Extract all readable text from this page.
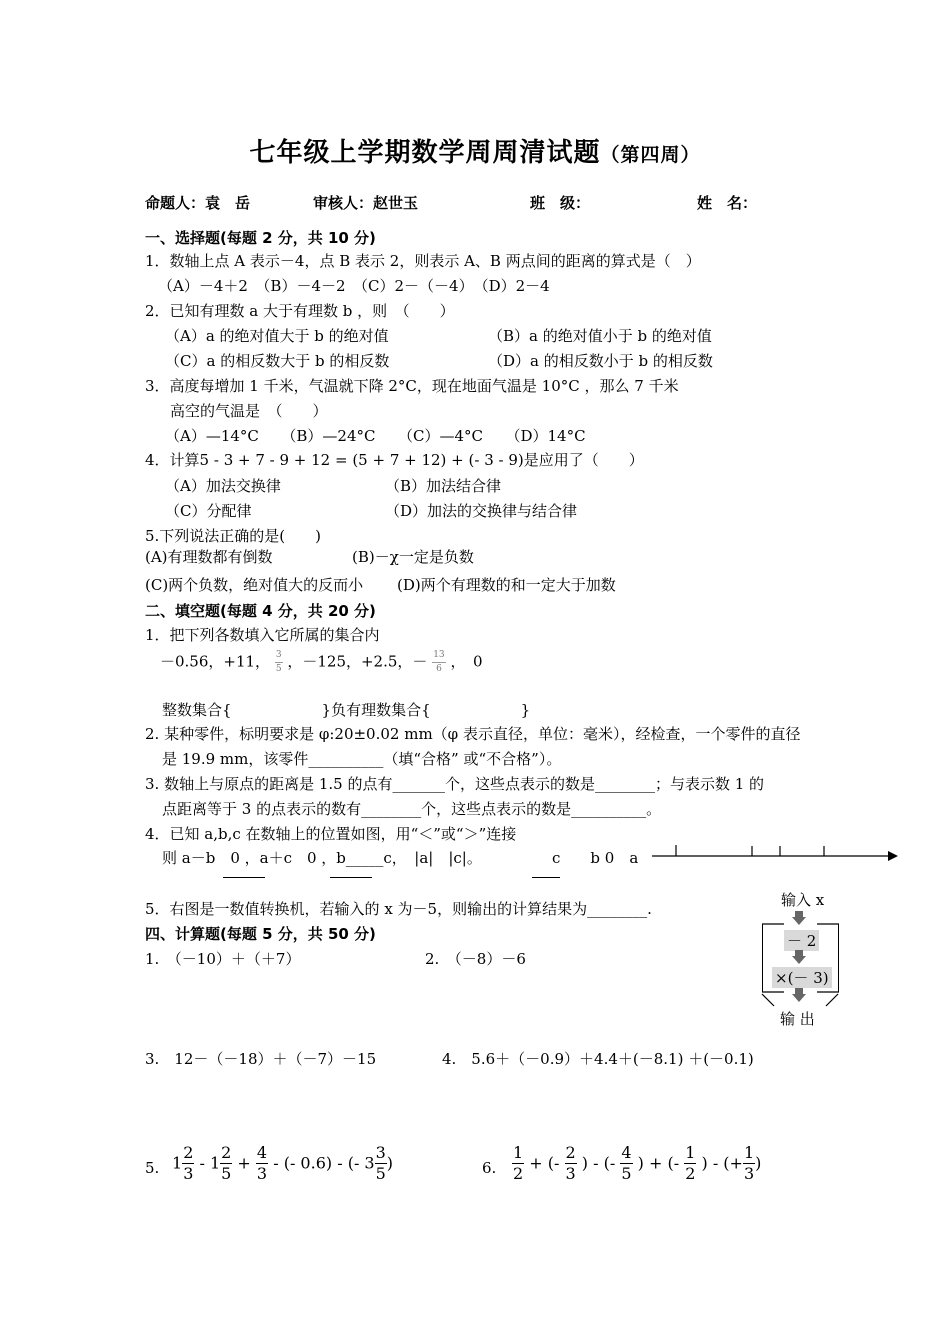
七年级上学期数学周周清试题（第四周）
命题人：袁　岳	审核人：赵世玉	班　级：	姓　名：
一、选择题(每题 2 分，共 10 分)
1．数轴上点 A 表示－4，点 B 表示 2，则表示 A、B 两点间的距离的算式是（　）
（A）－4＋2　（B）－4－2　（C）2－（－4）　（D）2－4
2．已知有理数 a 大于有理数 b ，则　（　　）
（A）a 的绝对值大于 b 的绝对值	（B）a 的绝对值小于 b 的绝对值
（C）a 的相反数大于 b 的相反数	（D）a 的相反数小于 b 的相反数
3．高度每增加 1 千米，气温就下降 2°C，现在地面气温是 10°C ，那么 7 千米
高空的气温是　（　　）
（A）—14°C　　（B）—24°C　　（C）—4°C　　（D）14°C
4．计算5 - 3 + 7 - 9 + 12 = (5 + 7 + 12) + (- 3 - 9)是应用了（　　）
（A）加法交换律	（B）加法结合律
（C）分配律	（D）加法的交换律与结合律
5.下列说法正确的是(　　)
(A)有理数都有倒数	(B)－χ一定是负数
(C)两个负数，绝对值大的反而小 (D)两个有理数的和一定大于加数
二、填空题(每题 4 分，共 20 分)
1．把下列各数填入它所属的集合内
－0.56，+11， $\frac{3}{5}$ ，－125，+2.5，－ $\frac{13}{6}$ ，　0
整数集合{　　　　　　}负有理数集合{　　　　　　}
2. 某种零件，标明要求是 φ:20±0.02 mm（φ 表示直径，单位：毫米），经检查，一个零件的直径
是 19.9 mm，该零件__________（填“合格” 或“不合格”）。
3. 数轴上与原点的距离是 1.5 的点有_______个，这些点表示的数是________；与表示数 1 的
点距离等于 3 的点表示的数有________个，这些点表示的数是__________。
4．已知 a,b,c 在数轴上的位置如图，用“＜”或“＞”连接
则 a－b　0 ，a＋c　0 ，b_____c，　|a|　|c|。	c　　b 0　a
5．右图是一数值转换机，若输入的 x 为－5，则输出的计算结果为________.	输入 x
－ 2
×(－ 3)
输 出
四、计算题(每题 5 分，共 50 分)
1.　（－10）＋（＋7）	2.　（－8）－6
3.　12－（－18）＋（－7）－15	4.　5.6＋（－0.9）＋4.4＋(－8.1) ＋(－0.1)
5. $1 \frac{2}{3} - 1 \frac{2}{5} + \frac{4}{3}$ - (- 0.6) - (- $3 \frac{3}{5}$ )	6. $\frac{1}{2}$ + (- $\frac{2}{3}$ ) - (- $\frac{4}{5}$ ) + (- $\frac{1}{2}$ ) - (+ $\frac{1}{3}$ )
